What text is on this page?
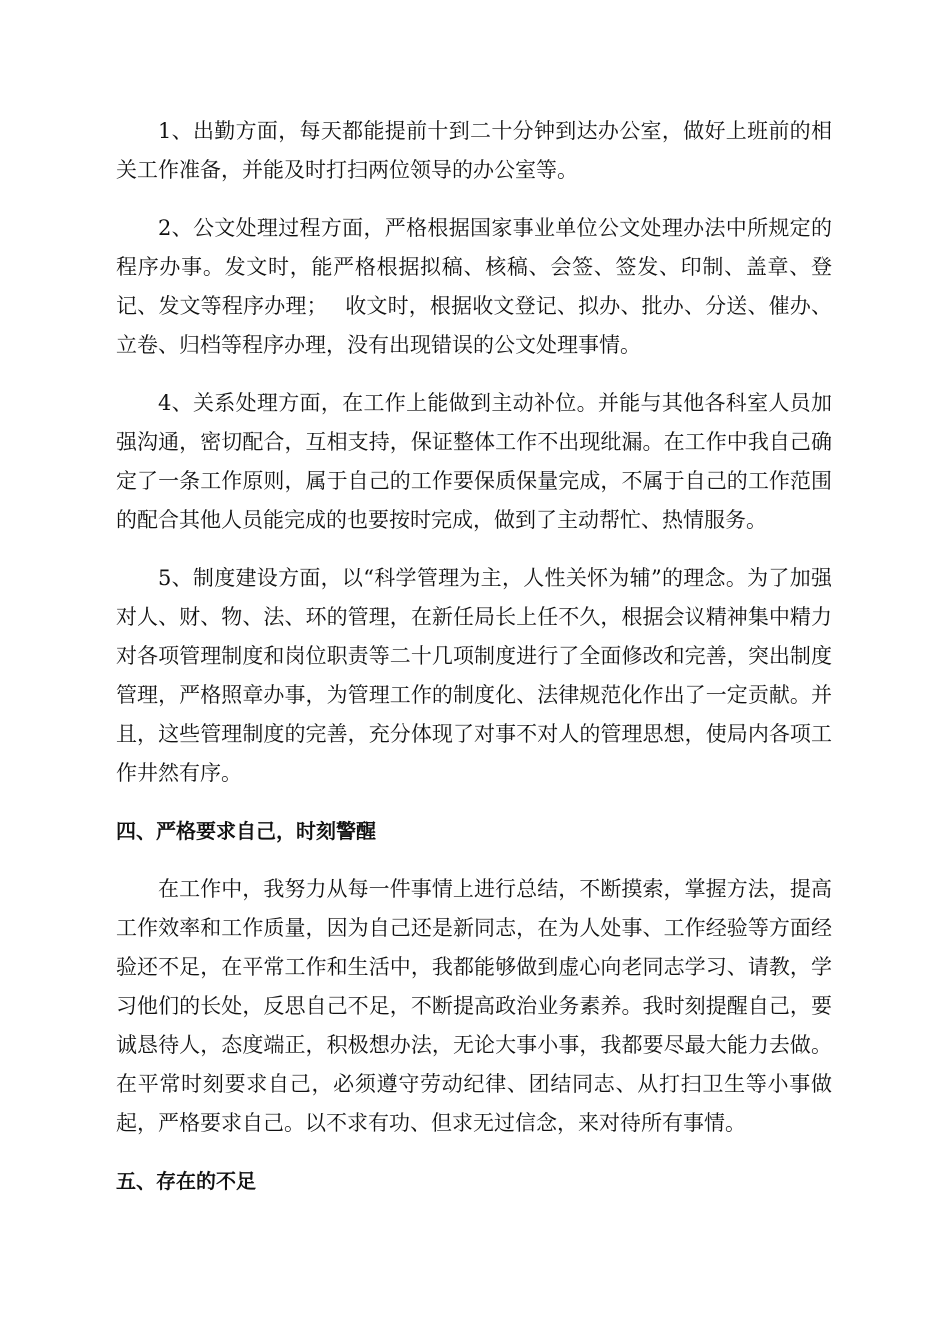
1、出勤方面，每天都能提前十到二十分钟到达办公室，做好上班前的相关工作准备，并能及时打扫两位领导的办公室等。

2、公文处理过程方面，严格根据国家事业单位公文处理办法中所规定的程序办事。发文时，能严格根据拟稿、核稿、会签、签发、印制、盖章、登记、发文等程序办理；　 收文时，根据收文登记、拟办、批办、分送、催办、立卷、归档等程序办理，没有出现错误的公文处理事情。

4、关系处理方面，在工作上能做到主动补位。并能与其他各科室人员加强沟通，密切配合，互相支持，保证整体工作不出现纰漏。在工作中我自己确定了一条工作原则，属于自己的工作要保质保量完成，不属于自己的工作范围的配合其他人员能完成的也要按时完成，做到了主动帮忙、热情服务。

5、制度建设方面，以“科学管理为主，人性关怀为辅”的理念。为了加强对人、财、物、法、环的管理，在新任局长上任不久，根据会议精神集中精力对各项管理制度和岗位职责等二十几项制度进行了全面修改和完善，突出制度管理，严格照章办事，为管理工作的制度化、法律规范化作出了一定贡献。并且，这些管理制度的完善，充分体现了对事不对人的管理思想，使局内各项工作井然有序。

四、严格要求自己，时刻警醒

在工作中，我努力从每一件事情上进行总结，不断摸索，掌握方法，提高工作效率和工作质量，因为自己还是新同志，在为人处事、工作经验等方面经验还不足，在平常工作和生活中，我都能够做到虚心向老同志学习、请教，学习他们的长处，反思自己不足，不断提高政治业务素养。我时刻提醒自己，要诚恳待人，态度端正，积极想办法，无论大事小事，我都要尽最大能力去做。在平常时刻要求自己，必须遵守劳动纪律、团结同志、从打扫卫生等小事做起，严格要求自己。以不求有功、但求无过信念，来对待所有事情。

五、存在的不足
